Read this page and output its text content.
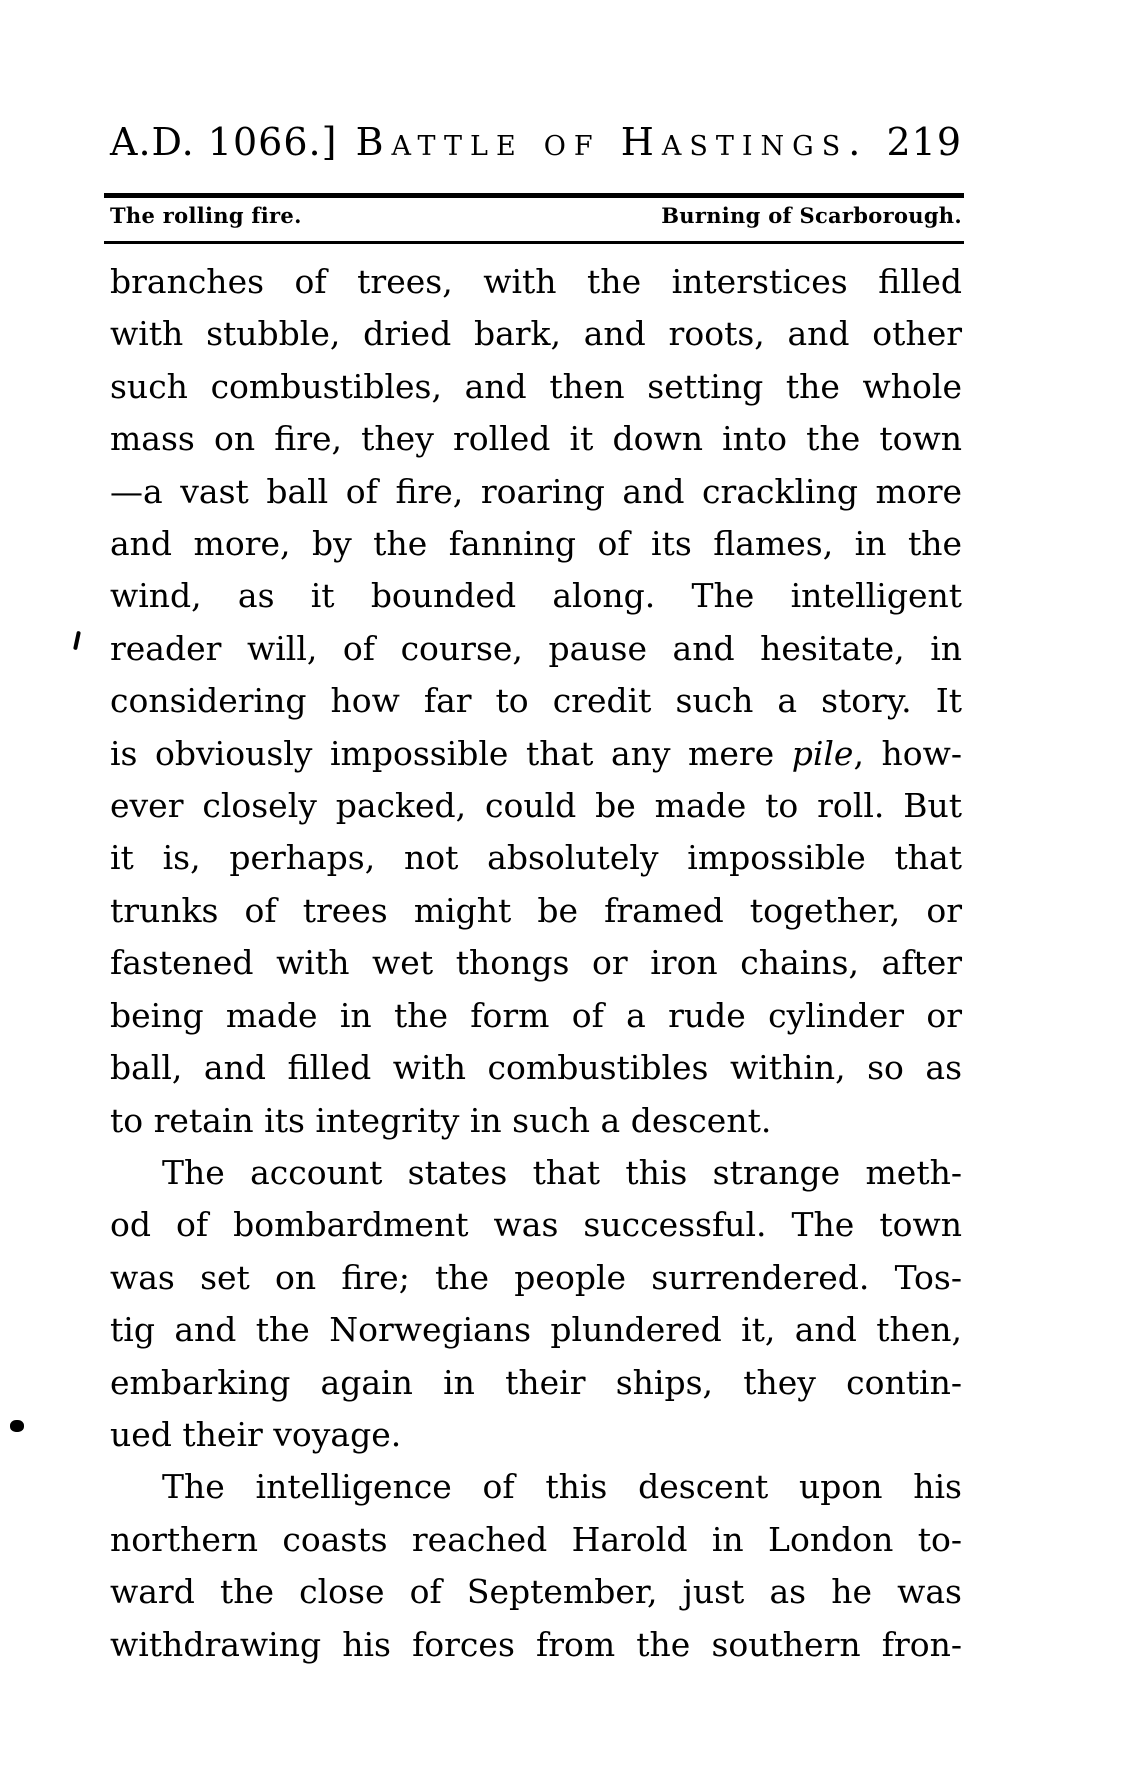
A.D. 1066.] Battle of Hastings. 219
The rolling fire.	Burning of Scarborough.
branches of trees, with the interstices filled
with stubble, dried bark, and roots, and other
such combustibles, and then setting the whole
mass on fire, they rolled it down into the town
—a vast ball of fire, roaring and crackling more
and more, by the fanning of its flames, in the
wind, as it bounded along. The intelligent
reader will, of course, pause and hesitate, in
considering how far to credit such a story. It
is obviously impossible that any mere pile, how-
ever closely packed, could be made to roll. But
it is, perhaps, not absolutely impossible that
trunks of trees might be framed together, or
fastened with wet thongs or iron chains, after
being made in the form of a rude cylinder or
ball, and filled with combustibles within, so as
to retain its integrity in such a descent.
The account states that this strange meth-
od of bombardment was successful. The town
was set on fire; the people surrendered. Tos-
tig and the Norwegians plundered it, and then,
embarking again in their ships, they contin-
ued their voyage.
The intelligence of this descent upon his
northern coasts reached Harold in London to-
ward the close of September, just as he was
withdrawing his forces from the southern fron-
